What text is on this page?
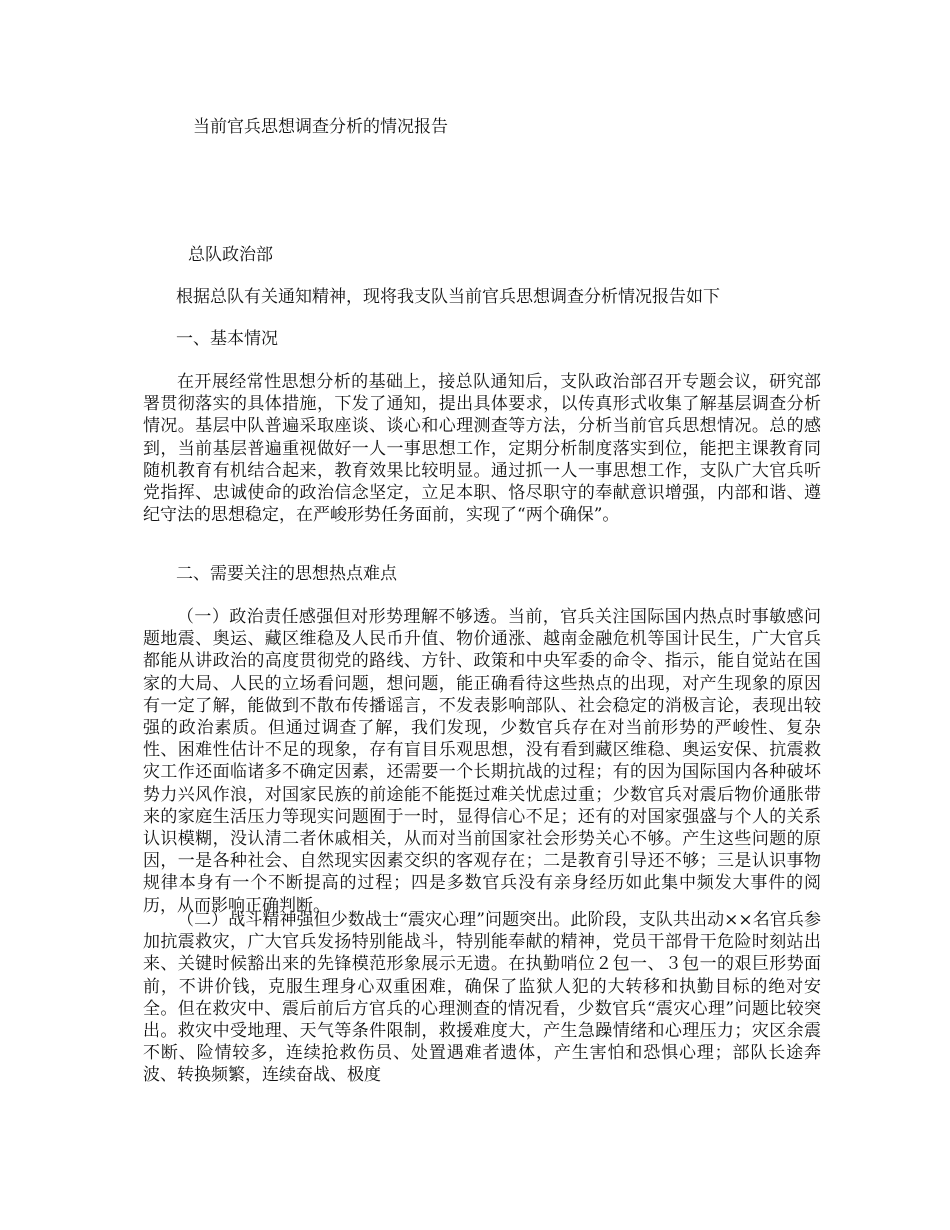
当前官兵思想调查分析的情况报告
总队政治部
根据总队有关通知精神，现将我支队当前官兵思想调查分析情况报告如下
一、基本情况
在开展经常性思想分析的基础上，接总队通知后，支队政治部召开专题会议，研究部署贯彻落实的具体措施，下发了通知，提出具体要求，以传真形式收集了解基层调查分析情况。基层中队普遍采取座谈、谈心和心理测查等方法，分析当前官兵思想情况。总的感到，当前基层普遍重视做好一人一事思想工作，定期分析制度落实到位，能把主课教育同随机教育有机结合起来，教育效果比较明显。通过抓一人一事思想工作，支队广大官兵听党指挥、忠诚使命的政治信念坚定，立足本职、恪尽职守的奉献意识增强，内部和谐、遵纪守法的思想稳定，在严峻形势任务面前，实现了“两个确保”。
二、需要关注的思想热点难点
（一）政治责任感强但对形势理解不够透。当前，官兵关注国际国内热点时事敏感问题地震、奥运、藏区维稳及人民币升值、物价通涨、越南金融危机等国计民生，广大官兵都能从讲政治的高度贯彻党的路线、方针、政策和中央军委的命令、指示，能自觉站在国家的大局、人民的立场看问题，想问题，能正确看待这些热点的出现，对产生现象的原因有一定了解，能做到不散布传播谣言，不发表影响部队、社会稳定的消极言论，表现出较强的政治素质。但通过调查了解，我们发现，少数官兵存在对当前形势的严峻性、复杂性、困难性估计不足的现象，存有盲目乐观思想，没有看到藏区维稳、奥运安保、抗震救灾工作还面临诸多不确定因素，还需要一个长期抗战的过程；有的因为国际国内各种破坏势力兴风作浪，对国家民族的前途能不能挺过难关忧虑过重；少数官兵对震后物价通胀带来的家庭生活压力等现实问题囿于一时，显得信心不足；还有的对国家强盛与个人的关系认识模糊，没认清二者休戚相关，从而对当前国家社会形势关心不够。产生这些问题的原因，一是各种社会、自然现实因素交织的客观存在；二是教育引导还不够；三是认识事物规律本身有一个不断提高的过程；四是多数官兵没有亲身经历如此集中频发大事件的阅历，从而影响正确判断。
（二）战斗精神强但少数战士“震灾心理”问题突出。此阶段，支队共出动××名官兵参加抗震救灾，广大官兵发扬特别能战斗，特别能奉献的精神，党员干部骨干危险时刻站出来、关键时候豁出来的先锋模范形象展示无遗。在执勤哨位２包一、３包一的艰巨形势面前，不讲价钱，克服生理身心双重困难，确保了监狱人犯的大转移和执勤目标的绝对安全。但在救灾中、震后前后方官兵的心理测查的情况看，少数官兵“震灾心理”问题比较突出。救灾中受地理、天气等条件限制，救援难度大，产生急躁情绪和心理压力；灾区余震不断、险情较多，连续抢救伤员、处置遇难者遗体，产生害怕和恐惧心理；部队长途奔波、转换频繁，连续奋战、极度
